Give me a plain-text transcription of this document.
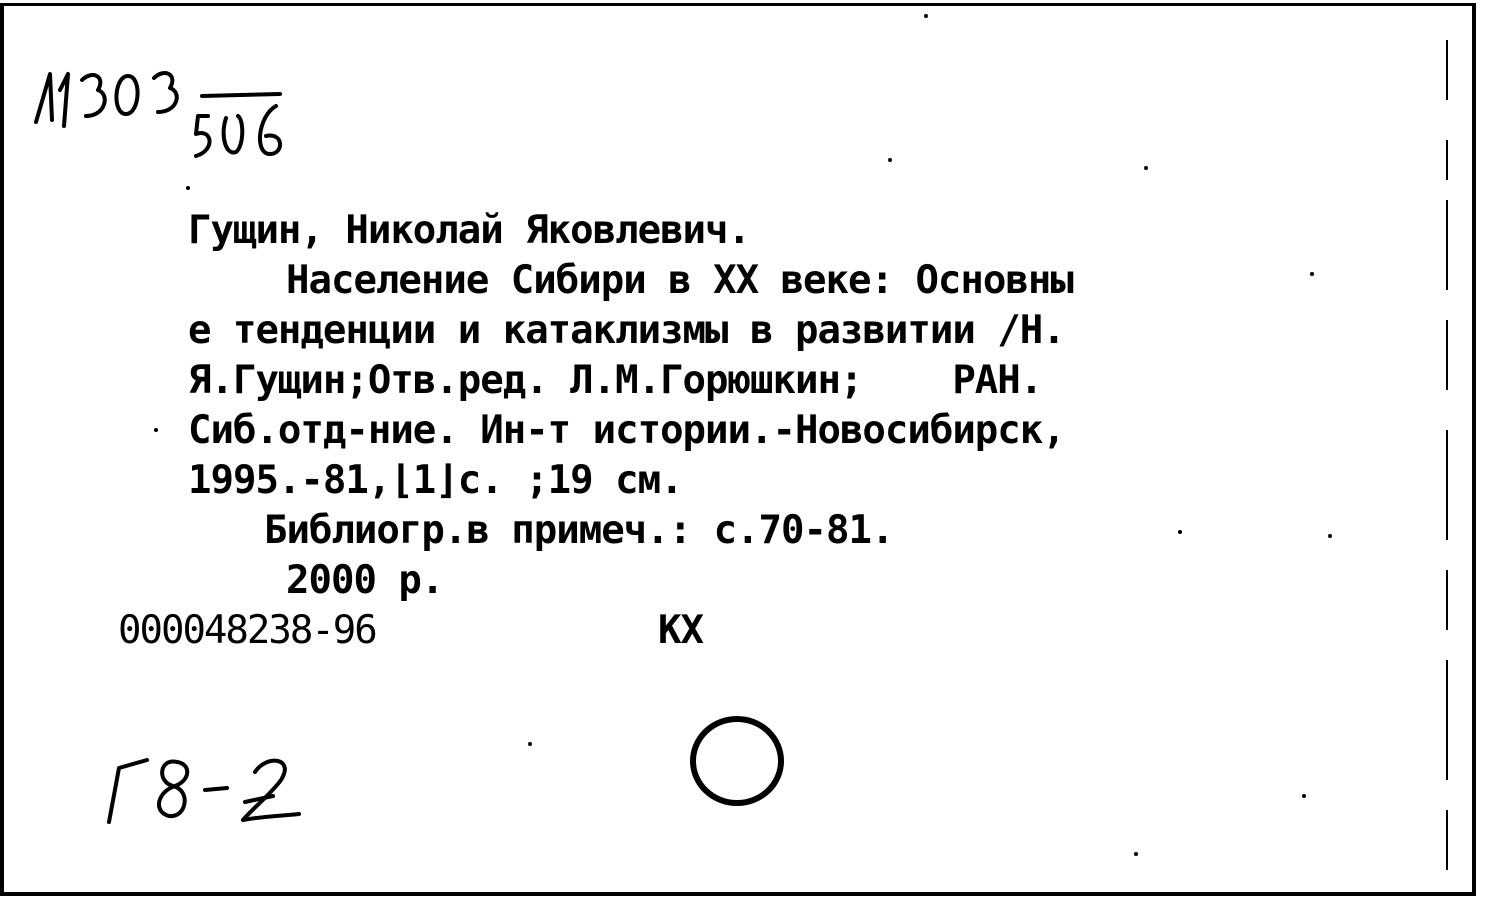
Гущин, Николай Яковлевич.
Население Сибири в XX веке: Основны
е тенденции и катаклизмы в развитии /Н.
Я.Гущин;Отв.ред. Л.М.Горюшкин;    РАН.
Сиб.отд-ние. Ин-т истории.-Новосибирск,
1995.-81,⌊1⌋с. ;19 см.
Библиогр.в примеч.: с.70-81.
2000 р.
000048238-96	КХ
